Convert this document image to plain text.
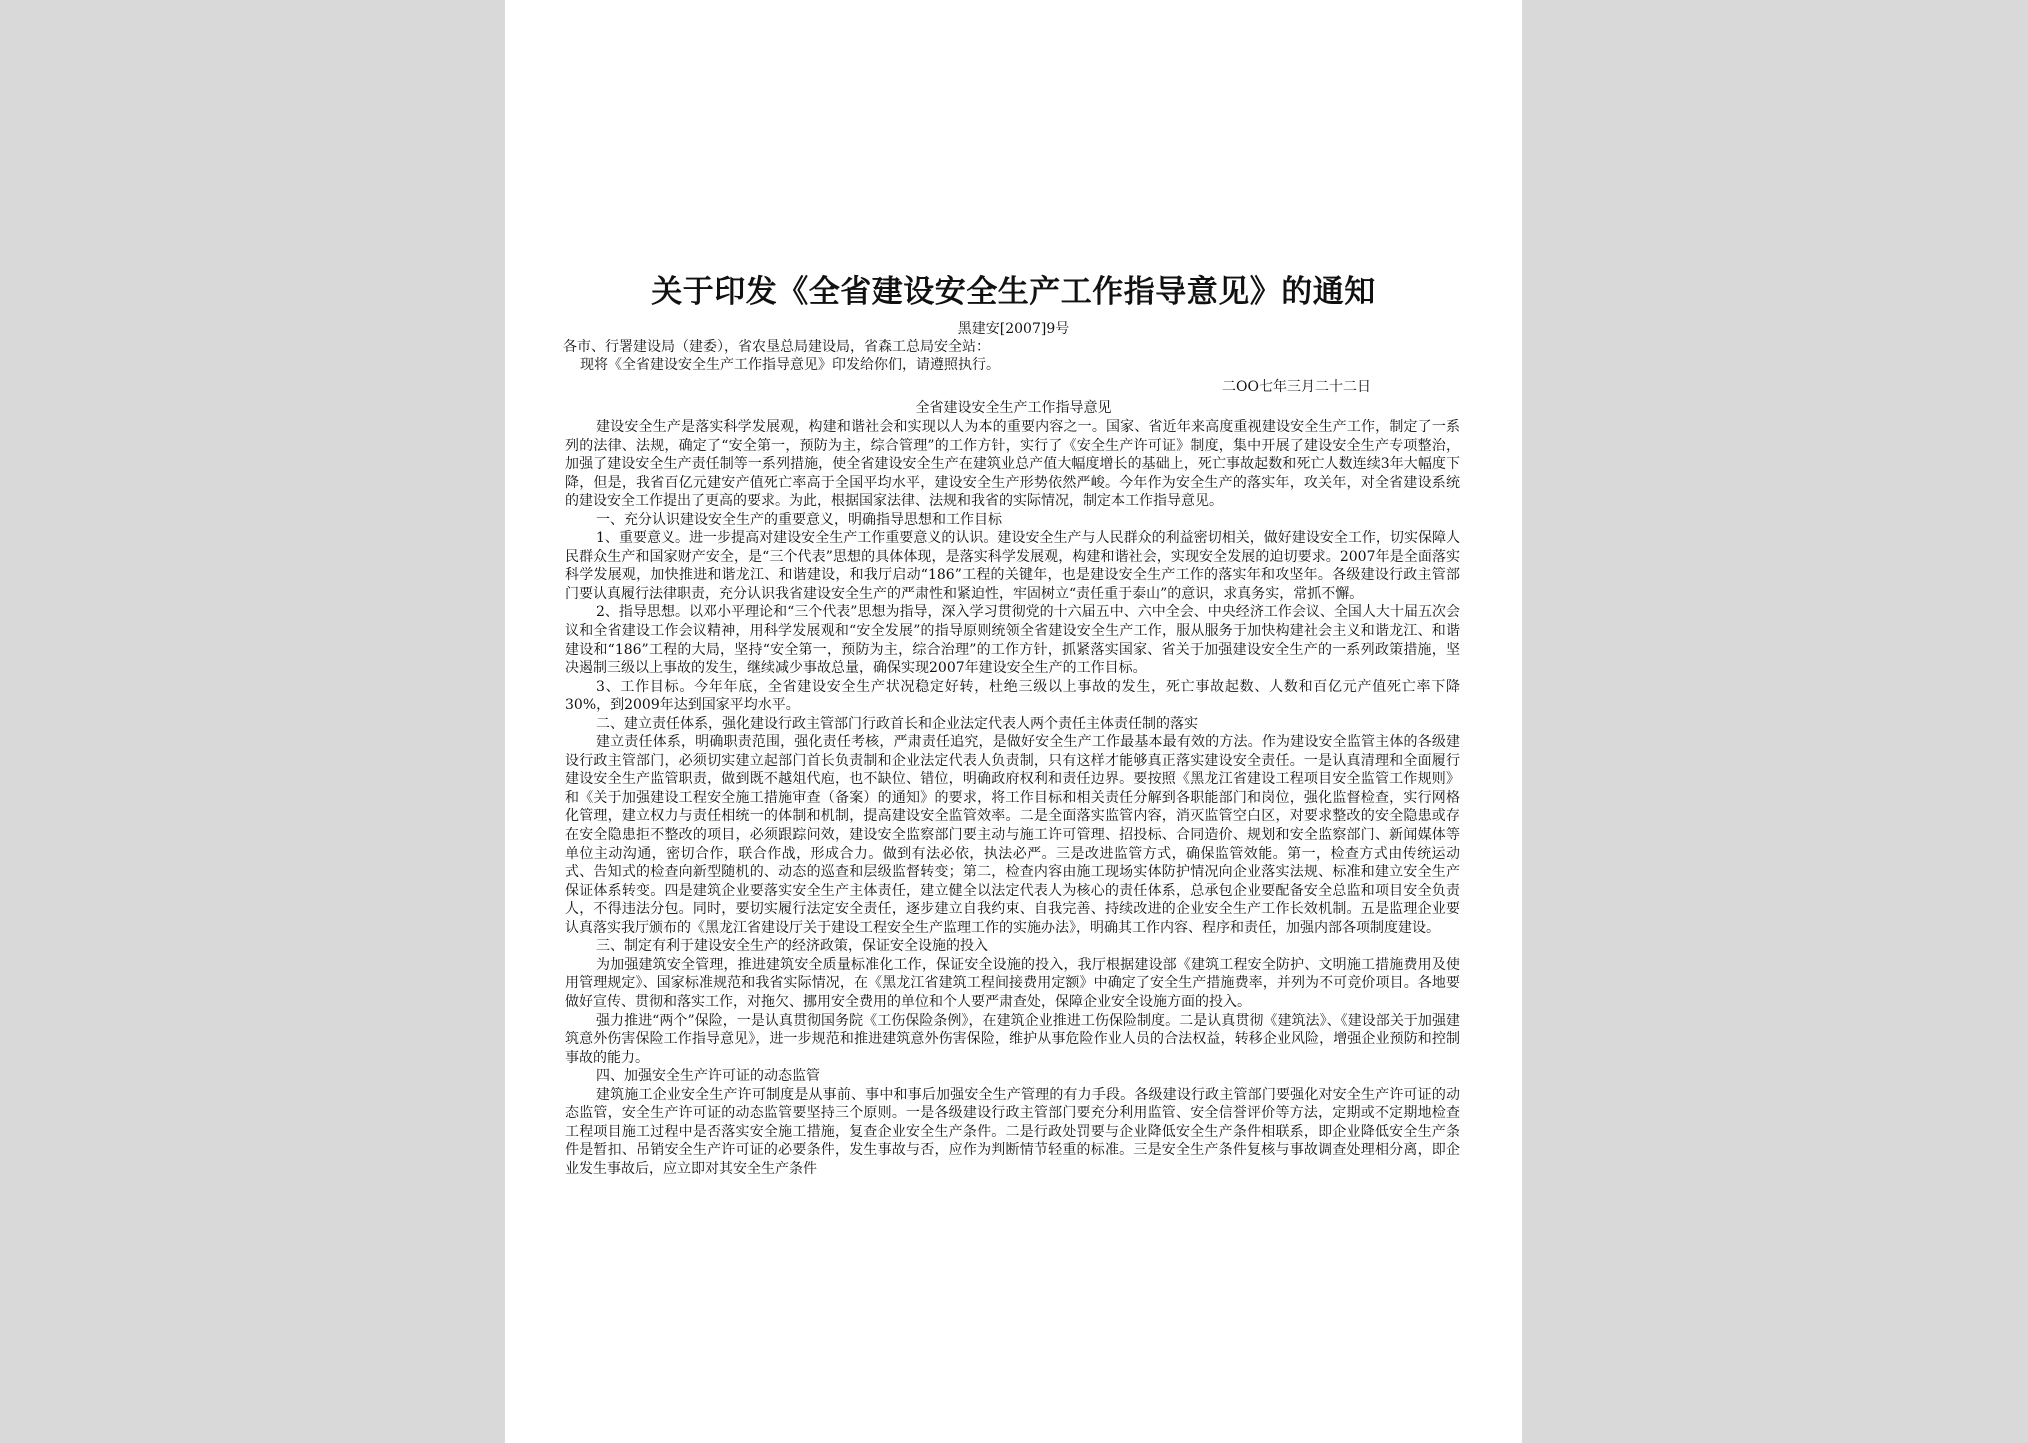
关于印发《全省建设安全生产工作指导意见》的通知
黑建安[2007]9号
各市、行署建设局（建委），省农垦总局建设局，省森工总局安全站：
现将《全省建设安全生产工作指导意见》印发给你们，请遵照执行。
二OO七年三月二十二日
全省建设安全生产工作指导意见

建设安全生产是落实科学发展观，构建和谐社会和实现以人为本的重要内容之一。国家、省近年来高度重视建设安全生产工作，制定了一系列的法律、法规，确定了“安全第一，预防为主，综合管理”的工作方针，实行了《安全生产许可证》制度，集中开展了建设安全生产专项整治，加强了建设安全生产责任制等一系列措施，使全省建设安全生产在建筑业总产值大幅度增长的基础上，死亡事故起数和死亡人数连续3年大幅度下降，但是，我省百亿元建安产值死亡率高于全国平均水平，建设安全生产形势依然严峻。今年作为安全生产的落实年，攻关年，对全省建设系统的建设安全工作提出了更高的要求。为此，根据国家法律、法规和我省的实际情况，制定本工作指导意见。

一、充分认识建设安全生产的重要意义，明确指导思想和工作目标

1、重要意义。进一步提高对建设安全生产工作重要意义的认识。建设安全生产与人民群众的利益密切相关，做好建设安全工作，切实保障人民群众生产和国家财产安全，是“三个代表”思想的具体体现，是落实科学发展观，构建和谐社会，实现安全发展的迫切要求。2007年是全面落实科学发展观，加快推进和谐龙江、和谐建设，和我厅启动“186”工程的关键年，也是建设安全生产工作的落实年和攻坚年。各级建设行政主管部门要认真履行法律职责，充分认识我省建设安全生产的严肃性和紧迫性，牢固树立“责任重于泰山”的意识，求真务实，常抓不懈。

2、指导思想。以邓小平理论和“三个代表”思想为指导，深入学习贯彻党的十六届五中、六中全会、中央经济工作会议、全国人大十届五次会议和全省建设工作会议精神，用科学发展观和“安全发展”的指导原则统领全省建设安全生产工作，服从服务于加快构建社会主义和谐龙江、和谐建设和“186”工程的大局，坚持“安全第一，预防为主，综合治理”的工作方针，抓紧落实国家、省关于加强建设安全生产的一系列政策措施，坚决遏制三级以上事故的发生，继续减少事故总量，确保实现2007年建设安全生产的工作目标。

3、工作目标。今年年底，全省建设安全生产状况稳定好转，杜绝三级以上事故的发生，死亡事故起数、人数和百亿元产值死亡率下降30%，到2009年达到国家平均水平。

二、建立责任体系，强化建设行政主管部门行政首长和企业法定代表人两个责任主体责任制的落实

建立责任体系，明确职责范围，强化责任考核，严肃责任追究，是做好安全生产工作最基本最有效的方法。作为建设安全监管主体的各级建设行政主管部门，必须切实建立起部门首长负责制和企业法定代表人负责制，只有这样才能够真正落实建设安全责任。一是认真清理和全面履行建设安全生产监管职责，做到既不越俎代庖，也不缺位、错位，明确政府权利和责任边界。要按照《黑龙江省建设工程项目安全监管工作规则》和《关于加强建设工程安全施工措施审查（备案）的通知》的要求，将工作目标和相关责任分解到各职能部门和岗位，强化监督检查，实行网格化管理，建立权力与责任相统一的体制和机制，提高建设安全监管效率。二是全面落实监管内容，消灭监管空白区，对要求整改的安全隐患或存在安全隐患拒不整改的项目，必须跟踪问效，建设安全监察部门要主动与施工许可管理、招投标、合同造价、规划和安全监察部门、新闻媒体等单位主动沟通，密切合作，联合作战，形成合力。做到有法必依，执法必严。三是改进监管方式，确保监管效能。第一，检查方式由传统运动式、告知式的检查向新型随机的、动态的巡查和层级监督转变；第二，检查内容由施工现场实体防护情况向企业落实法规、标准和建立安全生产保证体系转变。四是建筑企业要落实安全生产主体责任，建立健全以法定代表人为核心的责任体系，总承包企业要配备安全总监和项目安全负责人，不得违法分包。同时，要切实履行法定安全责任，逐步建立自我约束、自我完善、持续改进的企业安全生产工作长效机制。五是监理企业要认真落实我厅颁布的《黑龙江省建设厅关于建设工程安全生产监理工作的实施办法》，明确其工作内容、程序和责任，加强内部各项制度建设。

三、制定有利于建设安全生产的经济政策，保证安全设施的投入

为加强建筑安全管理，推进建筑安全质量标准化工作，保证安全设施的投入，我厅根据建设部《建筑工程安全防护、文明施工措施费用及使用管理规定》、国家标准规范和我省实际情况，在《黑龙江省建筑工程间接费用定额》中确定了安全生产措施费率，并列为不可竞价项目。各地要做好宣传、贯彻和落实工作，对拖欠、挪用安全费用的单位和个人要严肃查处，保障企业安全设施方面的投入。

强力推进“两个”保险，一是认真贯彻国务院《工伤保险条例》，在建筑企业推进工伤保险制度。二是认真贯彻《建筑法》、《建设部关于加强建筑意外伤害保险工作指导意见》，进一步规范和推进建筑意外伤害保险，维护从事危险作业人员的合法权益，转移企业风险，增强企业预防和控制事故的能力。

四、加强安全生产许可证的动态监管

建筑施工企业安全生产许可制度是从事前、事中和事后加强安全生产管理的有力手段。各级建设行政主管部门要强化对安全生产许可证的动态监管，安全生产许可证的动态监管要坚持三个原则。一是各级建设行政主管部门要充分利用监管、安全信誉评价等方法，定期或不定期地检查工程项目施工过程中是否落实安全施工措施，复查企业安全生产条件。二是行政处罚要与企业降低安全生产条件相联系，即企业降低安全生产条件是暂扣、吊销安全生产许可证的必要条件，发生事故与否，应作为判断情节轻重的标准。三是安全生产条件复核与事故调查处理相分离，即企业发生事故后，应立即对其安全生产条件
